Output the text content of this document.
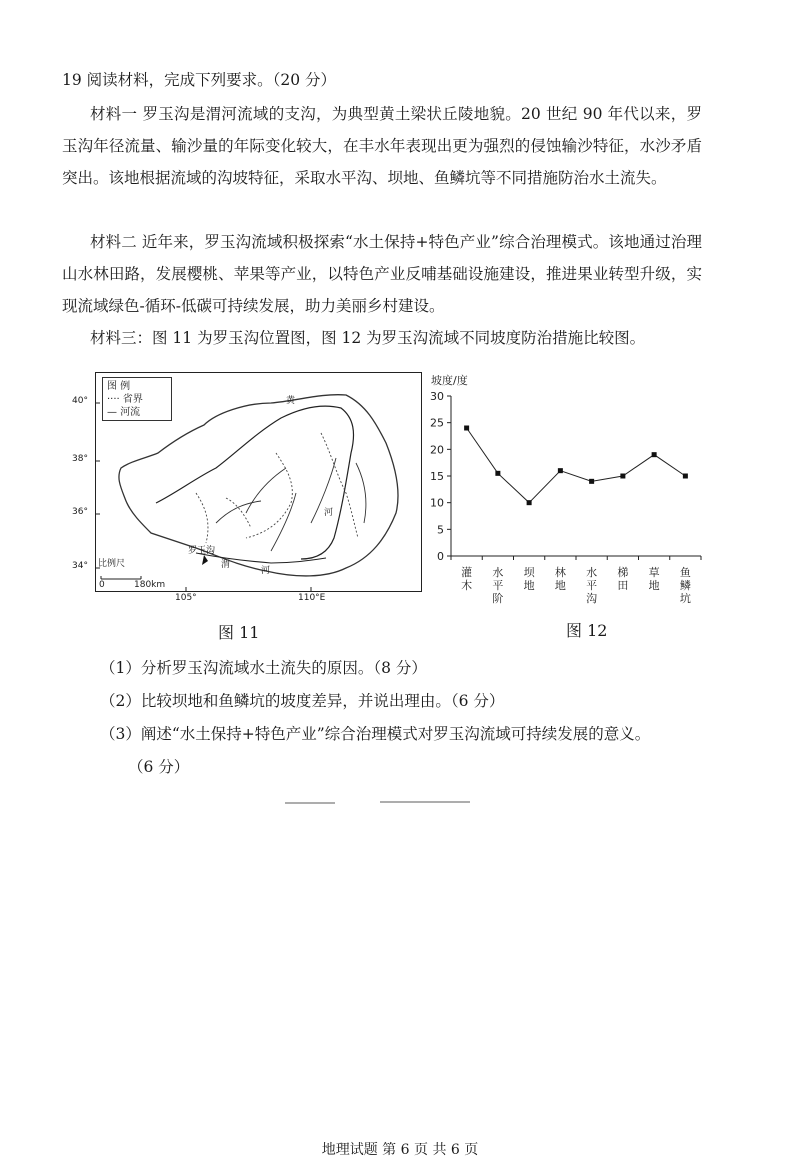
19 阅读材料，完成下列要求。（20 分）
材料一 罗玉沟是渭河流域的支沟，为典型黄土梁状丘陵地貌。20 世纪 90 年代以来，罗玉沟年径流量、输沙量的年际变化较大，在丰水年表现出更为强烈的侵蚀输沙特征，水沙矛盾突出。该地根据流域的沟坡特征，采取水平沟、坝地、鱼鳞坑等不同措施防治水土流失。
材料二 近年来，罗玉沟流域积极探索“水土保持+特色产业”综合治理模式。该地通过治理山水林田路，发展樱桃、苹果等产业，以特色产业反哺基础设施建设，推进果业转型升级，实现流域绿色-循环-低碳可持续发展，助力美丽乡村建设。
材料三：图 11 为罗玉沟位置图，图 12 为罗玉沟流域不同坡度防治措施比较图。
黄
河
渭
河
罗玉沟
比例尺
0	180km
图 例
···· 省界
— 河流
40°
38°
36°
34°
105°	110°E
图 11
坡度/度
0
5
10
15
20
25
30
灌木
水平阶
坝地
林地
水平沟
梯田
草地
鱼鳞坑
图 12
（1）分析罗玉沟流域水土流失的原因。（8 分）
（2）比较坝地和鱼鳞坑的坡度差异，并说出理由。（6 分）
（3）阐述“水土保持+特色产业”综合治理模式对罗玉沟流域可持续发展的意义。
（6 分）
地理试题 第 6 页 共 6 页
